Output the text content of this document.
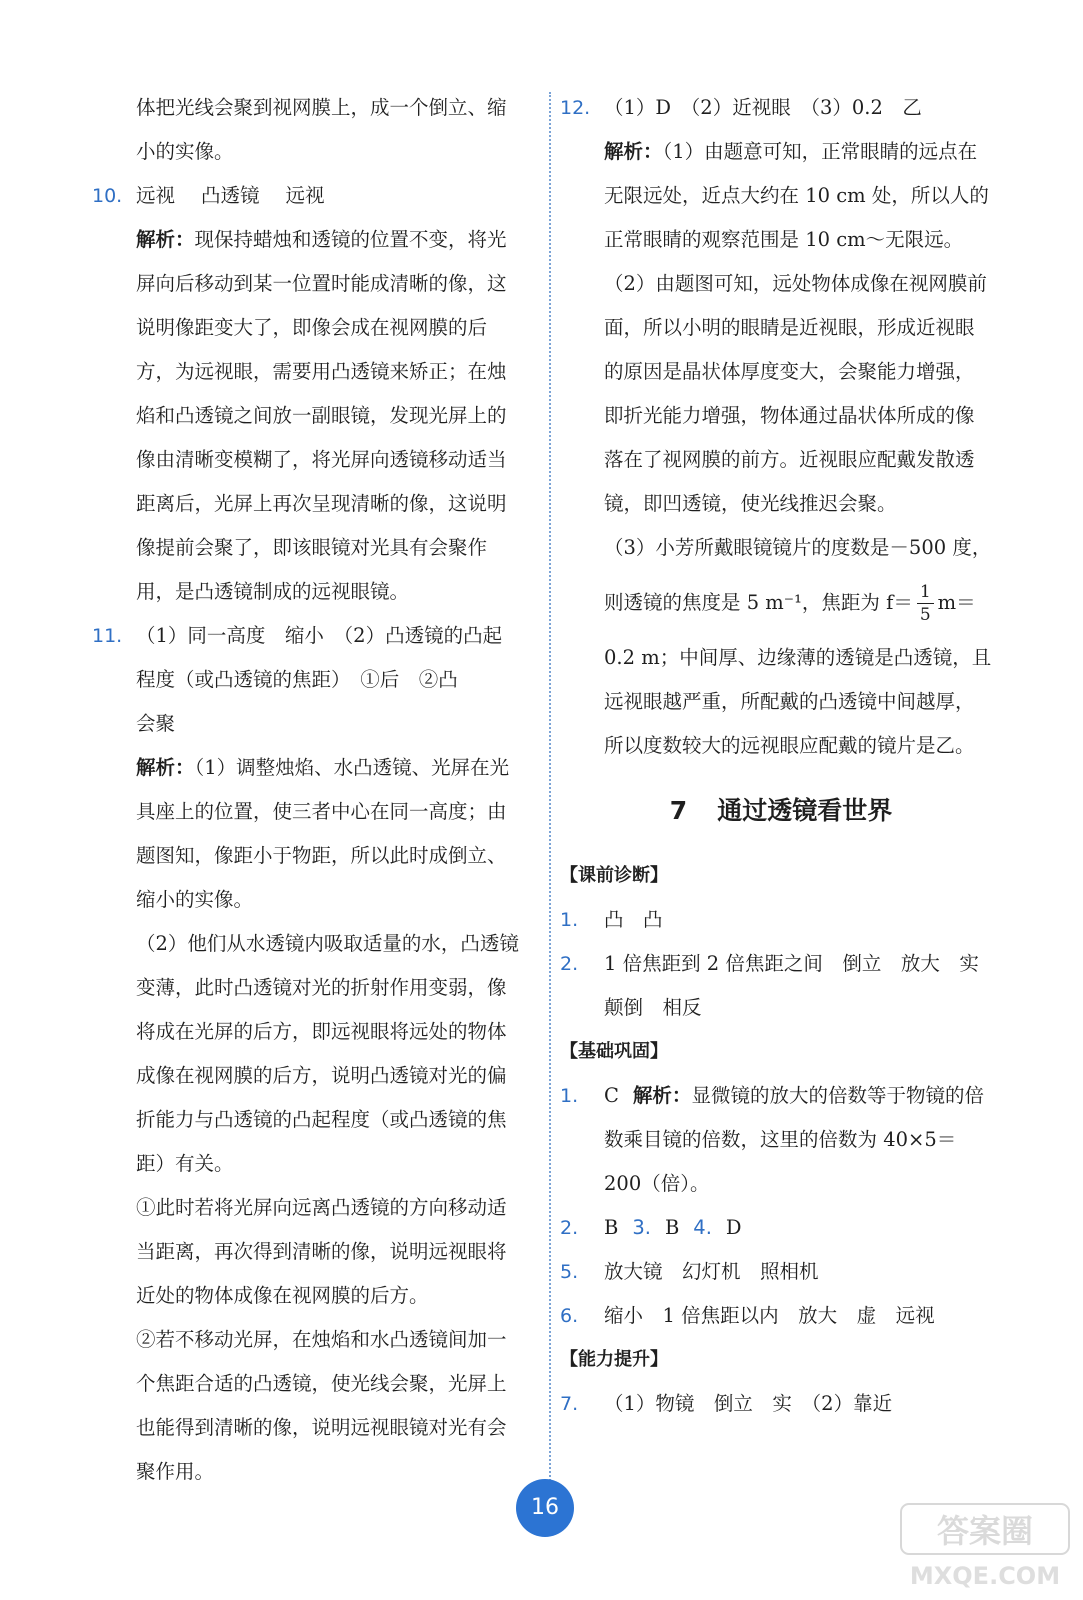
体把光线会聚到视网膜上，成一个倒立、缩
小的实像。
10. 远视 凸透镜 远视
解析：现保持蜡烛和透镜的位置不变，将光
屏向后移动到某一位置时能成清晰的像，这
说明像距变大了，即像会成在视网膜的后
方，为远视眼，需要用凸透镜来矫正；在烛
焰和凸透镜之间放一副眼镜，发现光屏上的
像由清晰变模糊了，将光屏向透镜移动适当
距离后，光屏上再次呈现清晰的像，这说明
像提前会聚了，即该眼镜对光具有会聚作
用，是凸透镜制成的远视眼镜。
11. （1）同一高度　缩小　（2）凸透镜的凸起
程度（或凸透镜的焦距）　①后　②凸
会聚
解析：（1）调整烛焰、水凸透镜、光屏在光
具座上的位置，使三者中心在同一高度；由
题图知，像距小于物距，所以此时成倒立、
缩小的实像。
（2）他们从水透镜内吸取适量的水，凸透镜
变薄，此时凸透镜对光的折射作用变弱，像
将成在光屏的后方，即远视眼将远处的物体
成像在视网膜的后方，说明凸透镜对光的偏
折能力与凸透镜的凸起程度（或凸透镜的焦
距）有关。
①此时若将光屏向远离凸透镜的方向移动适
当距离，再次得到清晰的像，说明远视眼将
近处的物体成像在视网膜的后方。
②若不移动光屏，在烛焰和水凸透镜间加一
个焦距合适的凸透镜，使光线会聚，光屏上
也能得到清晰的像，说明远视眼镜对光有会
聚作用。
12. （1）D　（2）近视眼　（3）0.2　乙
解析：（1）由题意可知，正常眼睛的远点在
无限远处，近点大约在 10 cm 处，所以人的
正常眼睛的观察范围是 10 cm～无限远。
（2）由题图可知，远处物体成像在视网膜前
面，所以小明的眼睛是近视眼，形成近视眼
的原因是晶状体厚度变大，会聚能力增强，
即折光能力增强，物体通过晶状体所成的像
落在了视网膜的前方。近视眼应配戴发散透
镜，即凹透镜，使光线推迟会聚。
（3）小芳所戴眼镜镜片的度数是－500 度，
则透镜的焦度是 5 m⁻¹，焦距为 $f= \frac{1}{5} m=$
0.2 m；中间厚、边缘薄的透镜是凸透镜，且
远视眼越严重，所配戴的凸透镜中间越厚，
所以度数较大的远视眼应配戴的镜片是乙。
7 通过透镜看世界
【课前诊断】
1. 凸　凸
2. 1 倍焦距到 2 倍焦距之间　倒立　放大　实
颠倒　相反
【基础巩固】
1. C 解析：显微镜的放大的倍数等于物镜的倍
数乘目镜的倍数，这里的倍数为 40×5＝
200（倍）。
2. B 3. B 4. D
5. 放大镜　幻灯机　照相机
6. 缩小　1 倍焦距以内　放大　虚　远视
【能力提升】
7. （1）物镜　倒立　实　（2）靠近
16
答案圈
MXQE.COM
